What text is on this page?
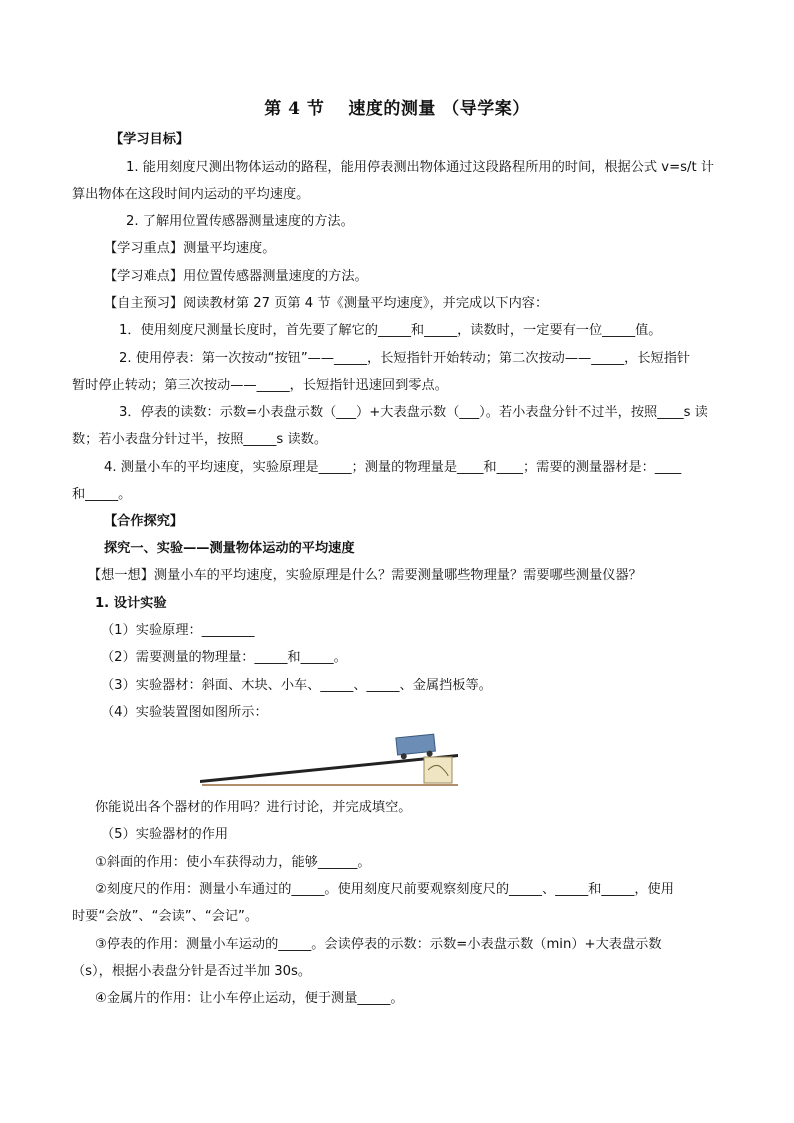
第 4 节　 速度的测量 （导学案）
【学习目标】
1. 能用刻度尺测出物体运动的路程，能用停表测出物体通过这段路程所用的时间，根据公式 v=s/t 计
算出物体在这段时间内运动的平均速度。
2. 了解用位置传感器测量速度的方法。
【学习重点】测量平均速度。
【学习难点】用位置传感器测量速度的方法。
【自主预习】阅读教材第 27 页第 4 节《测量平均速度》，并完成以下内容：
1．使用刻度尺测量长度时，首先要了解它的_____和_____，读数时，一定要有一位_____值。
2. 使用停表：第一次按动“按钮”——_____，长短指针开始转动；第二次按动——_____，长短指针
暂时停止转动；第三次按动——_____，长短指针迅速回到零点。
3．停表的读数：示数=小表盘示数（___）+大表盘示数（___）。若小表盘分针不过半，按照____s 读
数；若小表盘分针过半，按照_____s 读数。
4. 测量小车的平均速度，实验原理是_____；测量的物理量是____和____；需要的测量器材是：____
和_____。
【合作探究】
探究一、实验——测量物体运动的平均速度
【想一想】测量小车的平均速度，实验原理是什么？需要测量哪些物理量？需要哪些测量仪器？
1. 设计实验
（1）实验原理：________
（2）需要测量的物理量：_____和_____。
（3）实验器材：斜面、木块、小车、_____、_____、金属挡板等。
（4）实验装置图如图所示：
你能说出各个器材的作用吗？进行讨论，并完成填空。
（5）实验器材的作用
①斜面的作用：使小车获得动力，能够______。
②刻度尺的作用：测量小车通过的_____。使用刻度尺前要观察刻度尺的_____、_____和_____，使用
时要“会放”、“会读”、“会记”。
③停表的作用：测量小车运动的_____。会读停表的示数：示数=小表盘示数（min）+大表盘示数
（s），根据小表盘分针是否过半加 30s。
④金属片的作用：让小车停止运动，便于测量_____。
